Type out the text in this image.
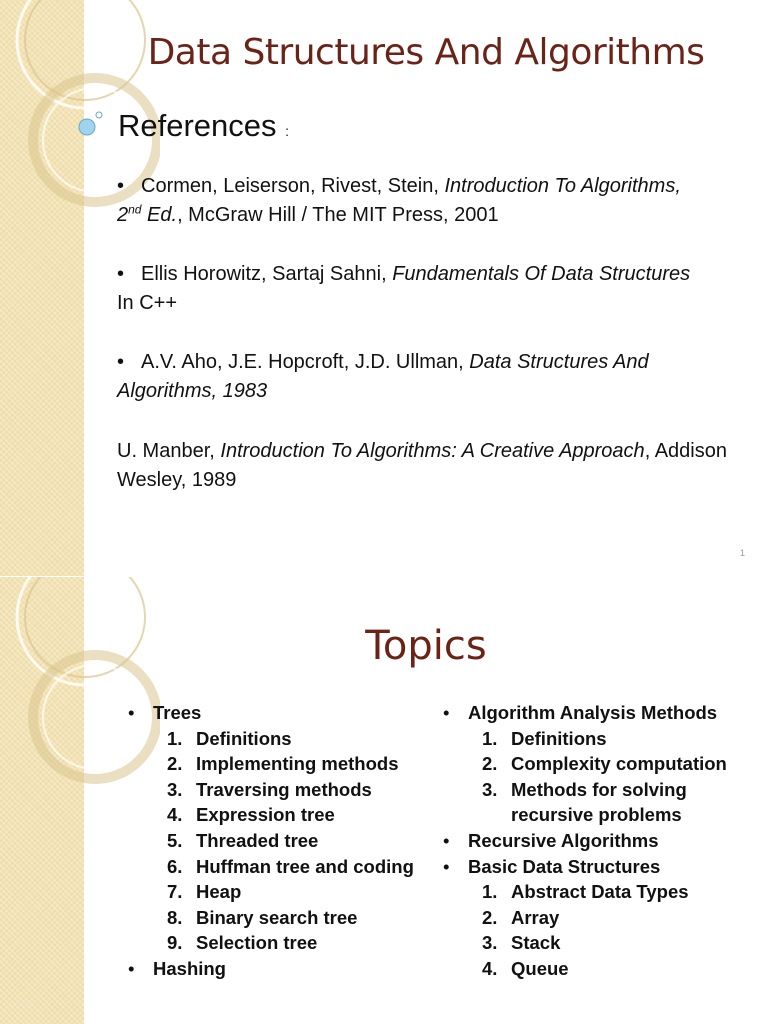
Data Structures And Algorithms
References :
• Cormen, Leiserson, Rivest, Stein, Introduction To Algorithms,
2nd Ed., McGraw Hill / The MIT Press, 2001
• Ellis Horowitz, Sartaj Sahni, Fundamentals Of Data Structures
In C++
• A.V. Aho, J.E. Hopcroft, J.D. Ullman, Data Structures And Algorithms, 1983
U. Manber, Introduction To Algorithms: A Creative Approach, Addison Wesley, 1989
1
Topics
• Trees
1. Definitions
2. Implementing methods
3. Traversing methods
4. Expression tree
5. Threaded tree
6. Huffman tree and coding
7. Heap
8. Binary search tree
9. Selection tree
• Hashing
• Algorithm Analysis Methods
1. Definitions
2. Complexity computation
3. Methods for solving recursive problems
• Recursive Algorithms
• Basic Data Structures
1. Abstract Data Types
2. Array
3. Stack
4. Queue
